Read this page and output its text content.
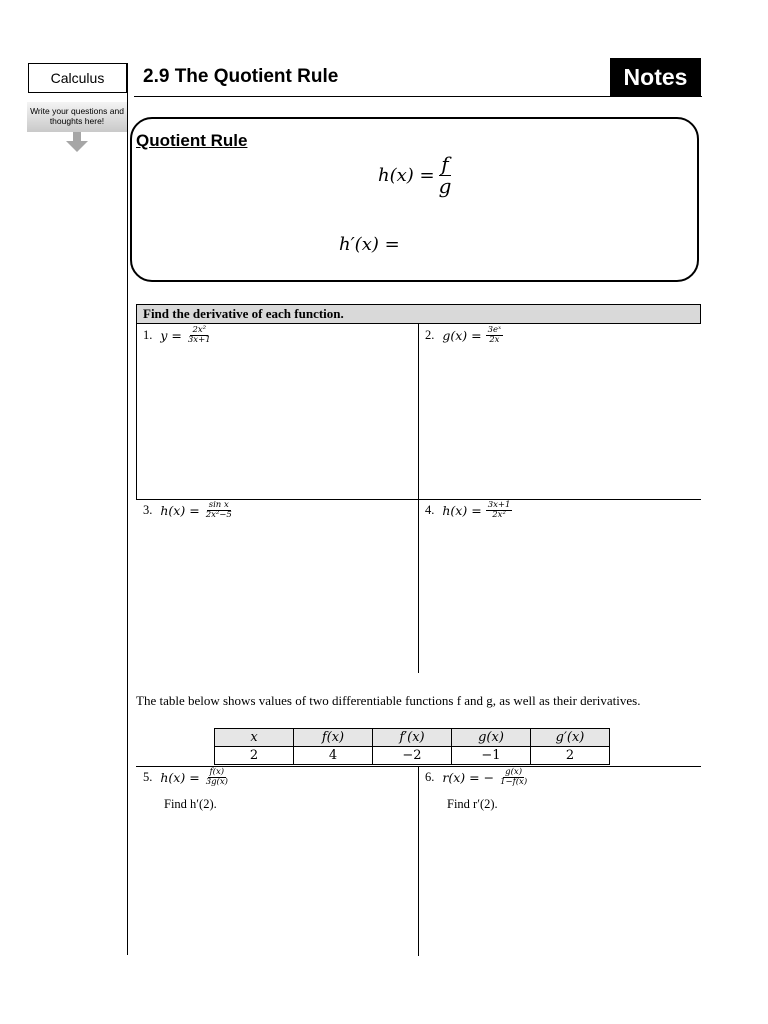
Calculus
Write your questions and thoughts here!
2.9 The Quotient Rule	Notes
Quotient Rule
$h(x) = \frac{f}{g}$
h′(x) =
Find the derivative of each function.
1. $y = \frac{\text{2x²}}{3x+1}$	2. $g(x) = \frac{\text{3eˣ}}{2x}$
3. $h(x) = \frac{\text{sin x}}{\text{2x²−5}}$	4. $h(x) = \frac{3x+1}{\text{2x²}}$
The table below shows values of two differentiable functions f and g, as well as their derivatives.
x	f(x)	f′(x)	g(x)	g′(x)
2	4	−2	−1	2
5. $h(x) = \frac{f(x)}{3g(x)}$
Find h′(2).
6. r(x) = − $\frac{g(x)}{1-f(x)}$
Find r′(2).
